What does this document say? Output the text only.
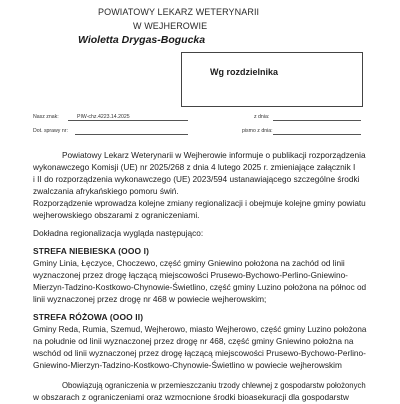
POWIATOWY LEKARZ WETERYNARII
W WEJHEROWIE
Wioletta Drygas-Bogucka
Wg rozdzielnika
Nasz znak:	PIW-chz.4223.14.2025	z dnia:
Dot. sprawy nr:	pismo z dnia:
Powiatowy Lekarz Weterynarii w Wejherowie informuje o publikacji rozporządzenia
wykonawczego Komisji (UE) nr 2025/268 z dnia 4 lutego 2025 r. zmieniające załącznik I
i II do rozporządzenia wykonawczego (UE) 2023/594 ustanawiającego szczególne środki
zwalczania afrykańskiego pomoru świń.
Rozporządzenie wprowadza kolejne zmiany regionalizacji i obejmuje kolejne gminy powiatu
wejherowskiego obszarami z ograniczeniami.
Dokładna regionalizacja wygląda następująco:
STREFA NIEBIESKA (OOO I)
Gminy Linia, Łęczyce, Choczewo, część gminy Gniewino położona na zachód od linii
wyznaczonej przez drogę łączącą miejscowości Prusewo-Bychowo-Perlino-Gniewino-
Mierzyn-Tadzino-Kostkowo-Chynowie-Świetlino, część gminy Luzino położona na północ od
linii wyznaczonej przez drogę nr 468 w powiecie wejherowskim;
STREFA RÓŻOWA (OOO II)
Gminy Reda, Rumia, Szemud, Wejherowo, miasto Wejherowo, część gminy Luzino położona
na południe od linii wyznaczonej przez drogę nr 468, część gminy Gniewino położna na
wschód od linii wyznaczonej przez drogę łączącą miejscowości Prusewo-Bychowo-Perlino-
Gniewino-Mierzyn-Tadzino-Kostkowo-Chynowie-Świetlino w powiecie wejherowskim
Obowiązują ograniczenia w przemieszczaniu trzody chlewnej z gospodarstw położonych
w obszarach z ograniczeniami oraz wzmocnione środki bioasekuracji dla gospodarstw
